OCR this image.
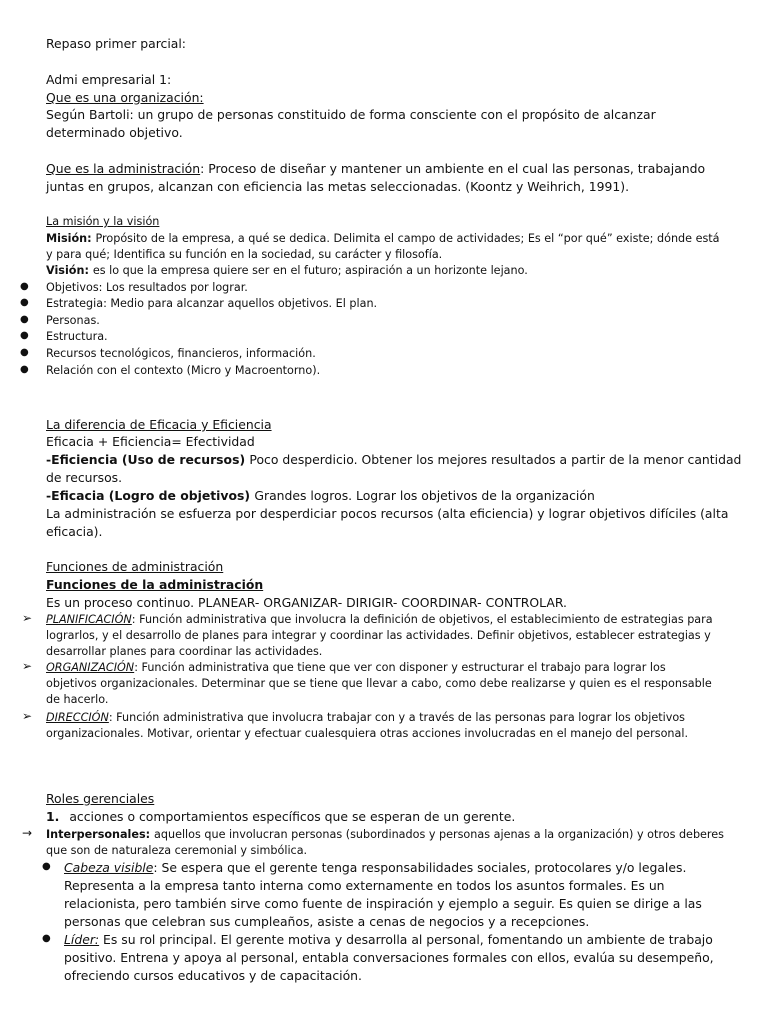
Repaso primer parcial:
Admi empresarial 1:
Que es una organización:
Según Bartoli: un grupo de personas constituido de forma consciente con el propósito de alcanzar
determinado objetivo.
Que es la administración: Proceso de diseñar y mantener un ambiente en el cual las personas, trabajando
juntas en grupos, alcanzan con eficiencia las metas seleccionadas. (Koontz y Weihrich, 1991).
La misión y la visión
Misión: Propósito de la empresa, a qué se dedica. Delimita el campo de actividades; Es el “por qué” existe; dónde está
y para qué; Identifica su función en la sociedad, su carácter y filosofía.
Visión: es lo que la empresa quiere ser en el futuro; aspiración a un horizonte lejano.
● Objetivos: Los resultados por lograr.
● Estrategia: Medio para alcanzar aquellos objetivos. El plan.
● Personas.
● Estructura.
● Recursos tecnológicos, financieros, información.
● Relación con el contexto (Micro y Macroentorno).
La diferencia de Eficacia y Eficiencia
Eficacia + Eficiencia= Efectividad
-Eficiencia (Uso de recursos) Poco desperdicio. Obtener los mejores resultados a partir de la menor cantidad
de recursos.
-Eficacia (Logro de objetivos) Grandes logros. Lograr los objetivos de la organización
La administración se esfuerza por desperdiciar pocos recursos (alta eficiencia) y lograr objetivos difíciles (alta
eficacia).
Funciones de administración
Funciones de la administración
Es un proceso continuo. PLANEAR- ORGANIZAR- DIRIGIR- COORDINAR- CONTROLAR.
➢ PLANIFICACIÓN: Función administrativa que involucra la definición de objetivos, el establecimiento de estrategias para
lograrlos, y el desarrollo de planes para integrar y coordinar las actividades. Definir objetivos, establecer estrategias y
desarrollar planes para coordinar las actividades.
➢ ORGANIZACIÓN: Función administrativa que tiene que ver con disponer y estructurar el trabajo para lograr los
objetivos organizacionales. Determinar que se tiene que llevar a cabo, como debe realizarse y quien es el responsable
de hacerlo.
➢ DIRECCIÓN: Función administrativa que involucra trabajar con y a través de las personas para lograr los objetivos
organizacionales. Motivar, orientar y efectuar cualesquiera otras acciones involucradas en el manejo del personal.
Roles gerenciales
1. acciones o comportamientos específicos que se esperan de un gerente.
→ Interpersonales: aquellos que involucran personas (subordinados y personas ajenas a la organización) y otros deberes
que son de naturaleza ceremonial y simbólica.
● Cabeza visible: Se espera que el gerente tenga responsabilidades sociales, protocolares y/o legales.
Representa a la empresa tanto interna como externamente en todos los asuntos formales. Es un
relacionista, pero también sirve como fuente de inspiración y ejemplo a seguir. Es quien se dirige a las
personas que celebran sus cumpleaños, asiste a cenas de negocios y a recepciones.
● Líder: Es su rol principal. El gerente motiva y desarrolla al personal, fomentando un ambiente de trabajo
positivo. Entrena y apoya al personal, entabla conversaciones formales con ellos, evalúa su desempeño,
ofreciendo cursos educativos y de capacitación.
